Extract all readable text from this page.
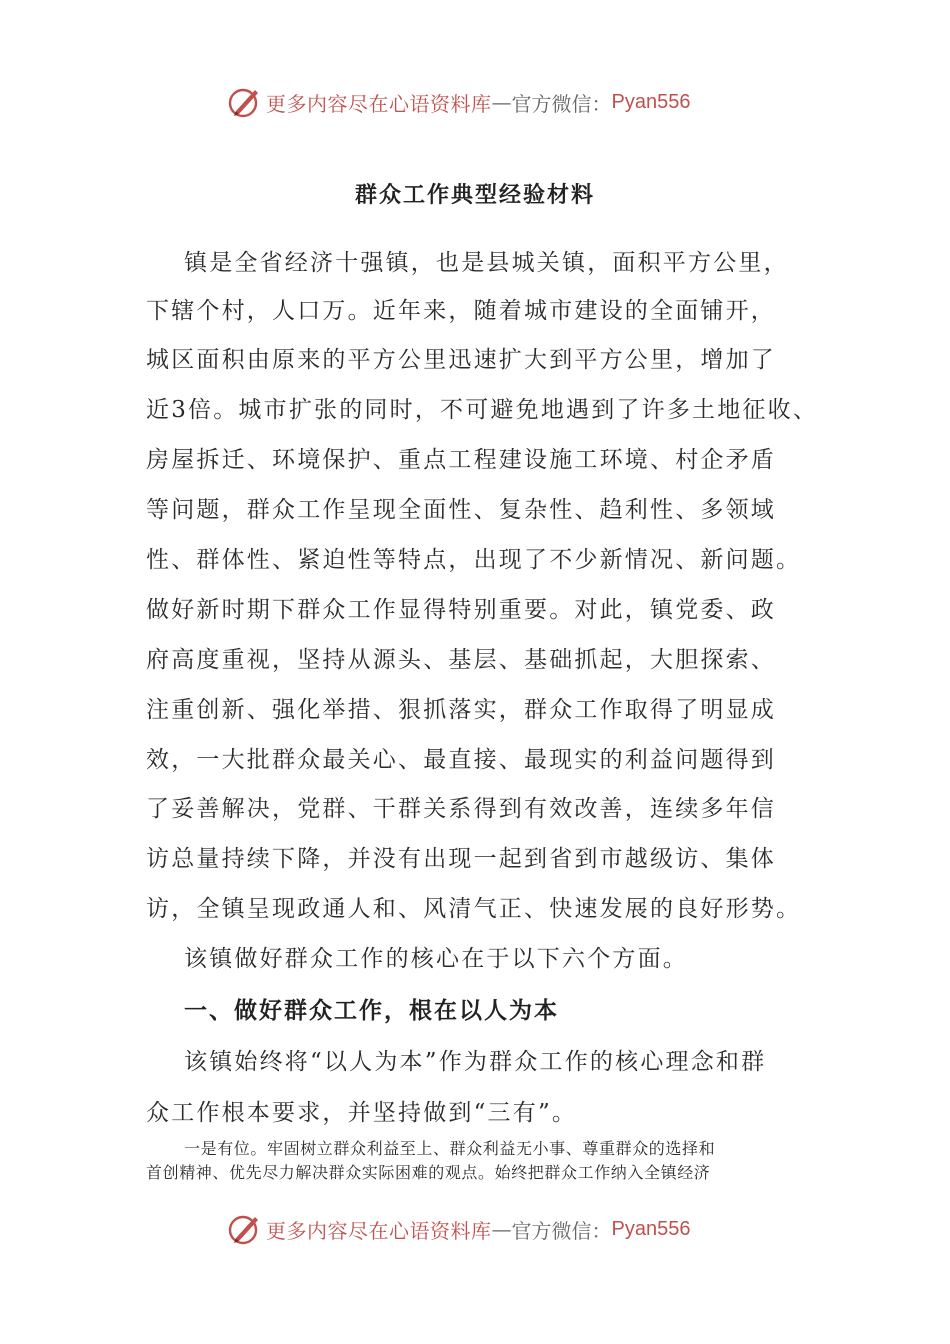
更多内容尽在心语资料库 — 官方微信： Pyan556
群众工作典型经验材料
镇是全省经济十强镇，也是县城关镇，面积平方公里，
下辖个村，人口万。近年来，随着城市建设的全面铺开，
城区面积由原来的平方公里迅速扩大到平方公里，增加了
近3倍。城市扩张的同时，不可避免地遇到了许多土地征收、
房屋拆迁、环境保护、重点工程建设施工环境、村企矛盾
等问题，群众工作呈现全面性、复杂性、趋利性、多领域
性、群体性、紧迫性等特点，出现了不少新情况、新问题。
做好新时期下群众工作显得特别重要。对此，镇党委、政
府高度重视，坚持从源头、基层、基础抓起，大胆探索、
注重创新、强化举措、狠抓落实，群众工作取得了明显成
效，一大批群众最关心、最直接、最现实的利益问题得到
了妥善解决，党群、干群关系得到有效改善，连续多年信
访总量持续下降，并没有出现一起到省到市越级访、集体
访，全镇呈现政通人和、风清气正、快速发展的良好形势。
该镇做好群众工作的核心在于以下六个方面。
一、做好群众工作，根在以人为本
该镇始终将“以人为本”作为群众工作的核心理念和群
众工作根本要求，并坚持做到“三有”。
一是有位。牢固树立群众利益至上、群众利益无小事、尊重群众的选择和
首创精神、优先尽力解决群众实际困难的观点。始终把群众工作纳入全镇经济
更多内容尽在心语资料库 — 官方微信： Pyan556
